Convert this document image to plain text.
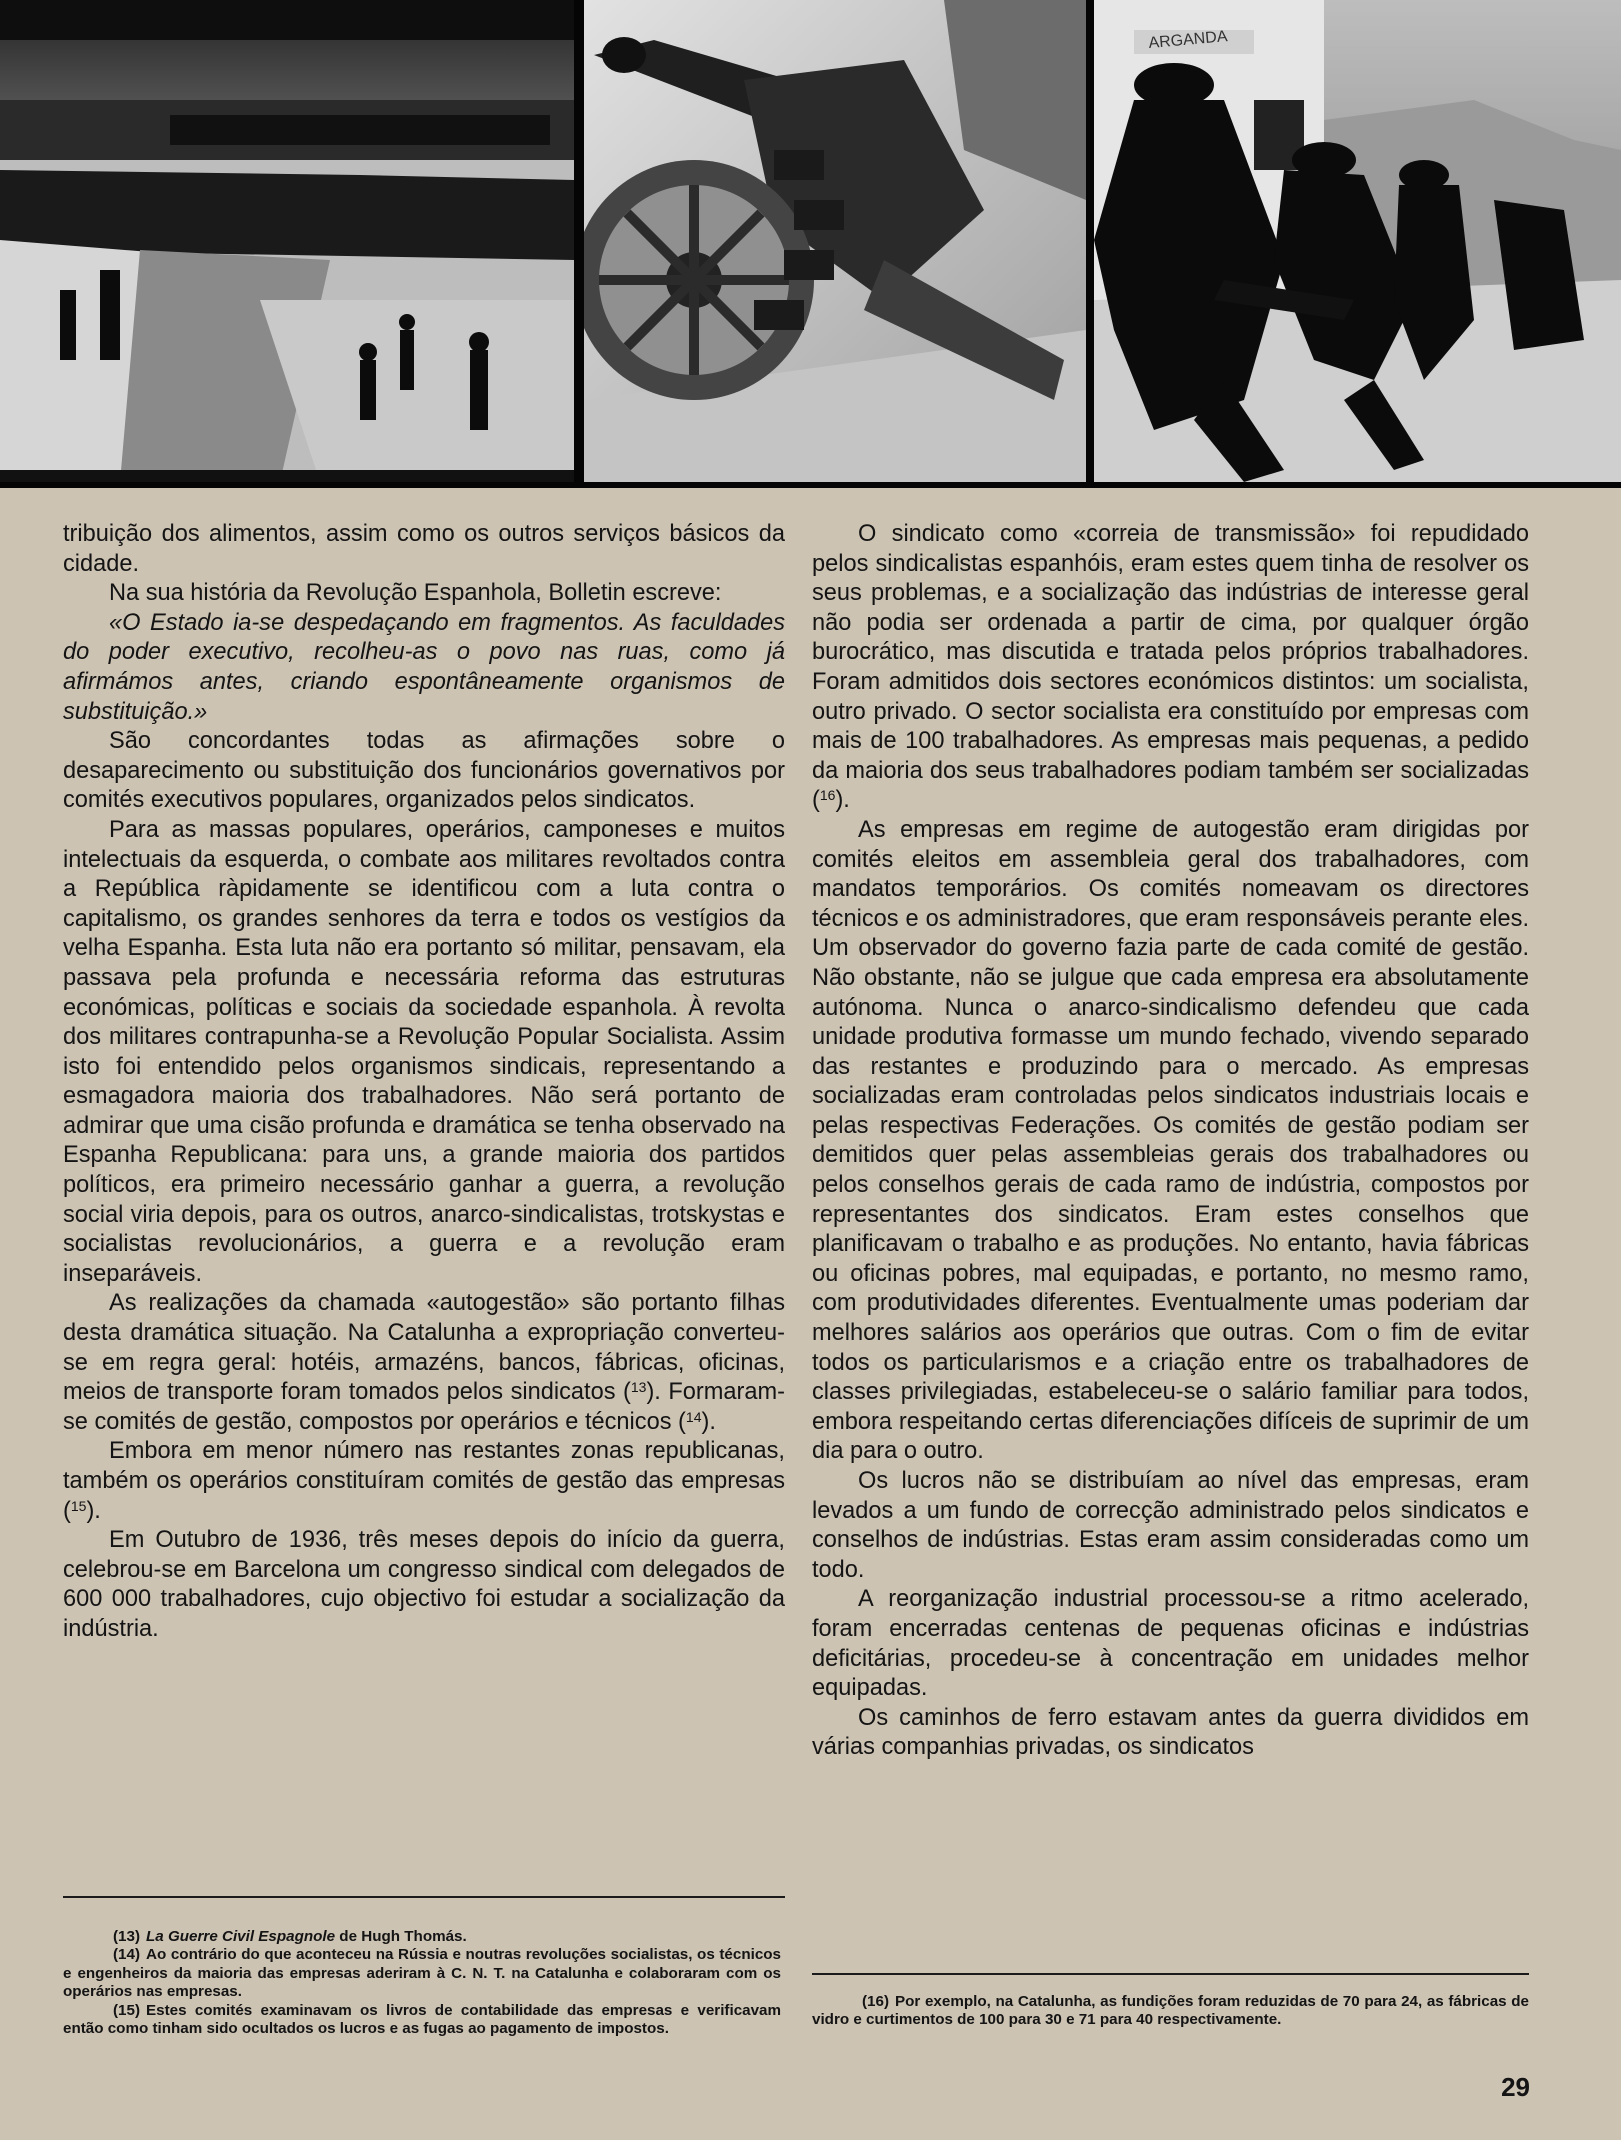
ARGANDA

tribuição dos alimentos, assim como os outros serviços básicos da cidade.

Na sua história da Revolução Espanhola, Bolletin escreve:

«O Estado ia-se despedaçando em fragmentos. As faculdades do poder executivo, recolheu-as o povo nas ruas, como já afirmámos antes, criando espontâneamente organismos de substituição.»

São concordantes todas as afirmações sobre o desaparecimento ou substituição dos funcionários governativos por comités executivos populares, organizados pelos sindicatos.

Para as massas populares, operários, camponeses e muitos intelectuais da esquerda, o combate aos militares revoltados contra a República ràpidamente se identificou com a luta contra o capitalismo, os grandes senhores da terra e todos os vestígios da velha Espanha. Esta luta não era portanto só militar, pensavam, ela passava pela profunda e necessária reforma das estruturas económicas, políticas e sociais da sociedade espanhola. À revolta dos militares contrapunha-se a Revolução Popular Socialista. Assim isto foi entendido pelos organismos sindicais, representando a esmagadora maioria dos trabalhadores. Não será portanto de admirar que uma cisão profunda e dramática se tenha observado na Espanha Republicana: para uns, a grande maioria dos partidos políticos, era primeiro necessário ganhar a guerra, a revolução social viria depois, para os outros, anarco-sindicalistas, trotskystas e socialistas revolucionários, a guerra e a revolução eram inseparáveis.

As realizações da chamada «autogestão» são portanto filhas desta dramática situação. Na Catalunha a expropriação converteu-se em regra geral: hotéis, armazéns, bancos, fábricas, oficinas, meios de transporte foram tomados pelos sindicatos ($^{13}$). Formaram-se comités de gestão, compostos por operários e técnicos ($^{14}$).

Embora em menor número nas restantes zonas republicanas, também os operários constituíram comités de gestão das empresas ($^{15}$).

Em Outubro de 1936, três meses depois do início da guerra, celebrou-se em Barcelona um congresso sindical com delegados de 600 000 trabalhadores, cujo objectivo foi estudar a socialização da indústria.

(13) La Guerre Civil Espagnole de Hugh Thomás.

(14) Ao contrário do que aconteceu na Rússia e noutras revoluções socialistas, os técnicos e engenheiros da maioria das empresas aderiram à C. N. T. na Catalunha e colaboraram com os operários nas empresas.

(15) Estes comités examinavam os livros de contabilidade das empresas e verificavam então como tinham sido ocultados os lucros e as fugas ao pagamento de impostos.

O sindicato como «correia de transmissão» foi repudidado pelos sindicalistas espanhóis, eram estes quem tinha de resolver os seus problemas, e a socialização das indústrias de interesse geral não podia ser ordenada a partir de cima, por qualquer órgão burocrático, mas discutida e tratada pelos próprios trabalhadores. Foram admitidos dois sectores económicos distintos: um socialista, outro privado. O sector socialista era constituído por empresas com mais de 100 trabalhadores. As empresas mais pequenas, a pedido da maioria dos seus trabalhadores podiam também ser socializadas ($^{16}$).

As empresas em regime de autogestão eram dirigidas por comités eleitos em assembleia geral dos trabalhadores, com mandatos temporários. Os comités nomeavam os directores técnicos e os administradores, que eram responsáveis perante eles. Um observador do governo fazia parte de cada comité de gestão. Não obstante, não se julgue que cada empresa era absolutamente autónoma. Nunca o anarco-sindicalismo defendeu que cada unidade produtiva formasse um mundo fechado, vivendo separado das restantes e produzindo para o mercado. As empresas socializadas eram controladas pelos sindicatos industriais locais e pelas respectivas Federações. Os comités de gestão podiam ser demitidos quer pelas assembleias gerais dos trabalhadores ou pelos conselhos gerais de cada ramo de indústria, compostos por representantes dos sindicatos. Eram estes conselhos que planificavam o trabalho e as produções. No entanto, havia fábricas ou oficinas pobres, mal equipadas, e portanto, no mesmo ramo, com produtividades diferentes. Eventualmente umas poderiam dar melhores salários aos operários que outras. Com o fim de evitar todos os particularismos e a criação entre os trabalhadores de classes privilegiadas, estabeleceu-se o salário familiar para todos, embora respeitando certas diferenciações difíceis de suprimir de um dia para o outro.

Os lucros não se distribuíam ao nível das empresas, eram levados a um fundo de correcção administrado pelos sindicatos e conselhos de indústrias. Estas eram assim consideradas como um todo.

A reorganização industrial processou-se a ritmo acelerado, foram encerradas centenas de pequenas oficinas e indústrias deficitárias, procedeu-se à concentração em unidades melhor equipadas.

Os caminhos de ferro estavam antes da guerra divididos em várias companhias privadas, os sindicatos

(16) Por exemplo, na Catalunha, as fundições foram reduzidas de 70 para 24, as fábricas de vidro e curtimentos de 100 para 30 e 71 para 40 respectivamente.

29
